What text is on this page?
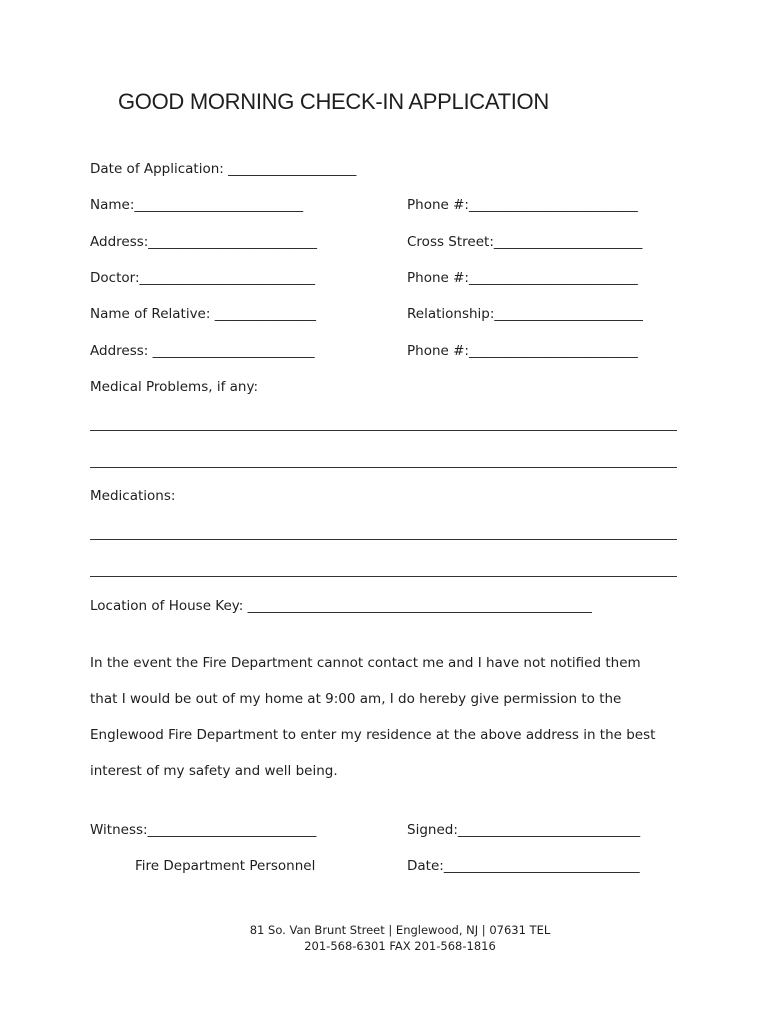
GOOD MORNING CHECK-IN APPLICATION
Date of Application: ___________________
Name:_________________________	Phone #:_________________________
Address:_________________________	Cross Street:______________________
Doctor:__________________________	Phone #:_________________________
Name of Relative: _______________	Relationship:______________________
Address: ________________________	Phone #:_________________________
Medical Problems, if any:
Medications:
Location of House Key: ___________________________________________________
In the event the Fire Department cannot contact me and I have not notified them
that I would be out of my home at 9:00 am, I do hereby give permission to the
Englewood Fire Department to enter my residence at the above address in the best
interest of my safety and well being.
Witness:_________________________	Signed:___________________________
Fire Department Personnel	Date:_____________________________
81 So. Van Brunt Street | Englewood, NJ | 07631 TEL
201-568-6301 FAX 201-568-1816
